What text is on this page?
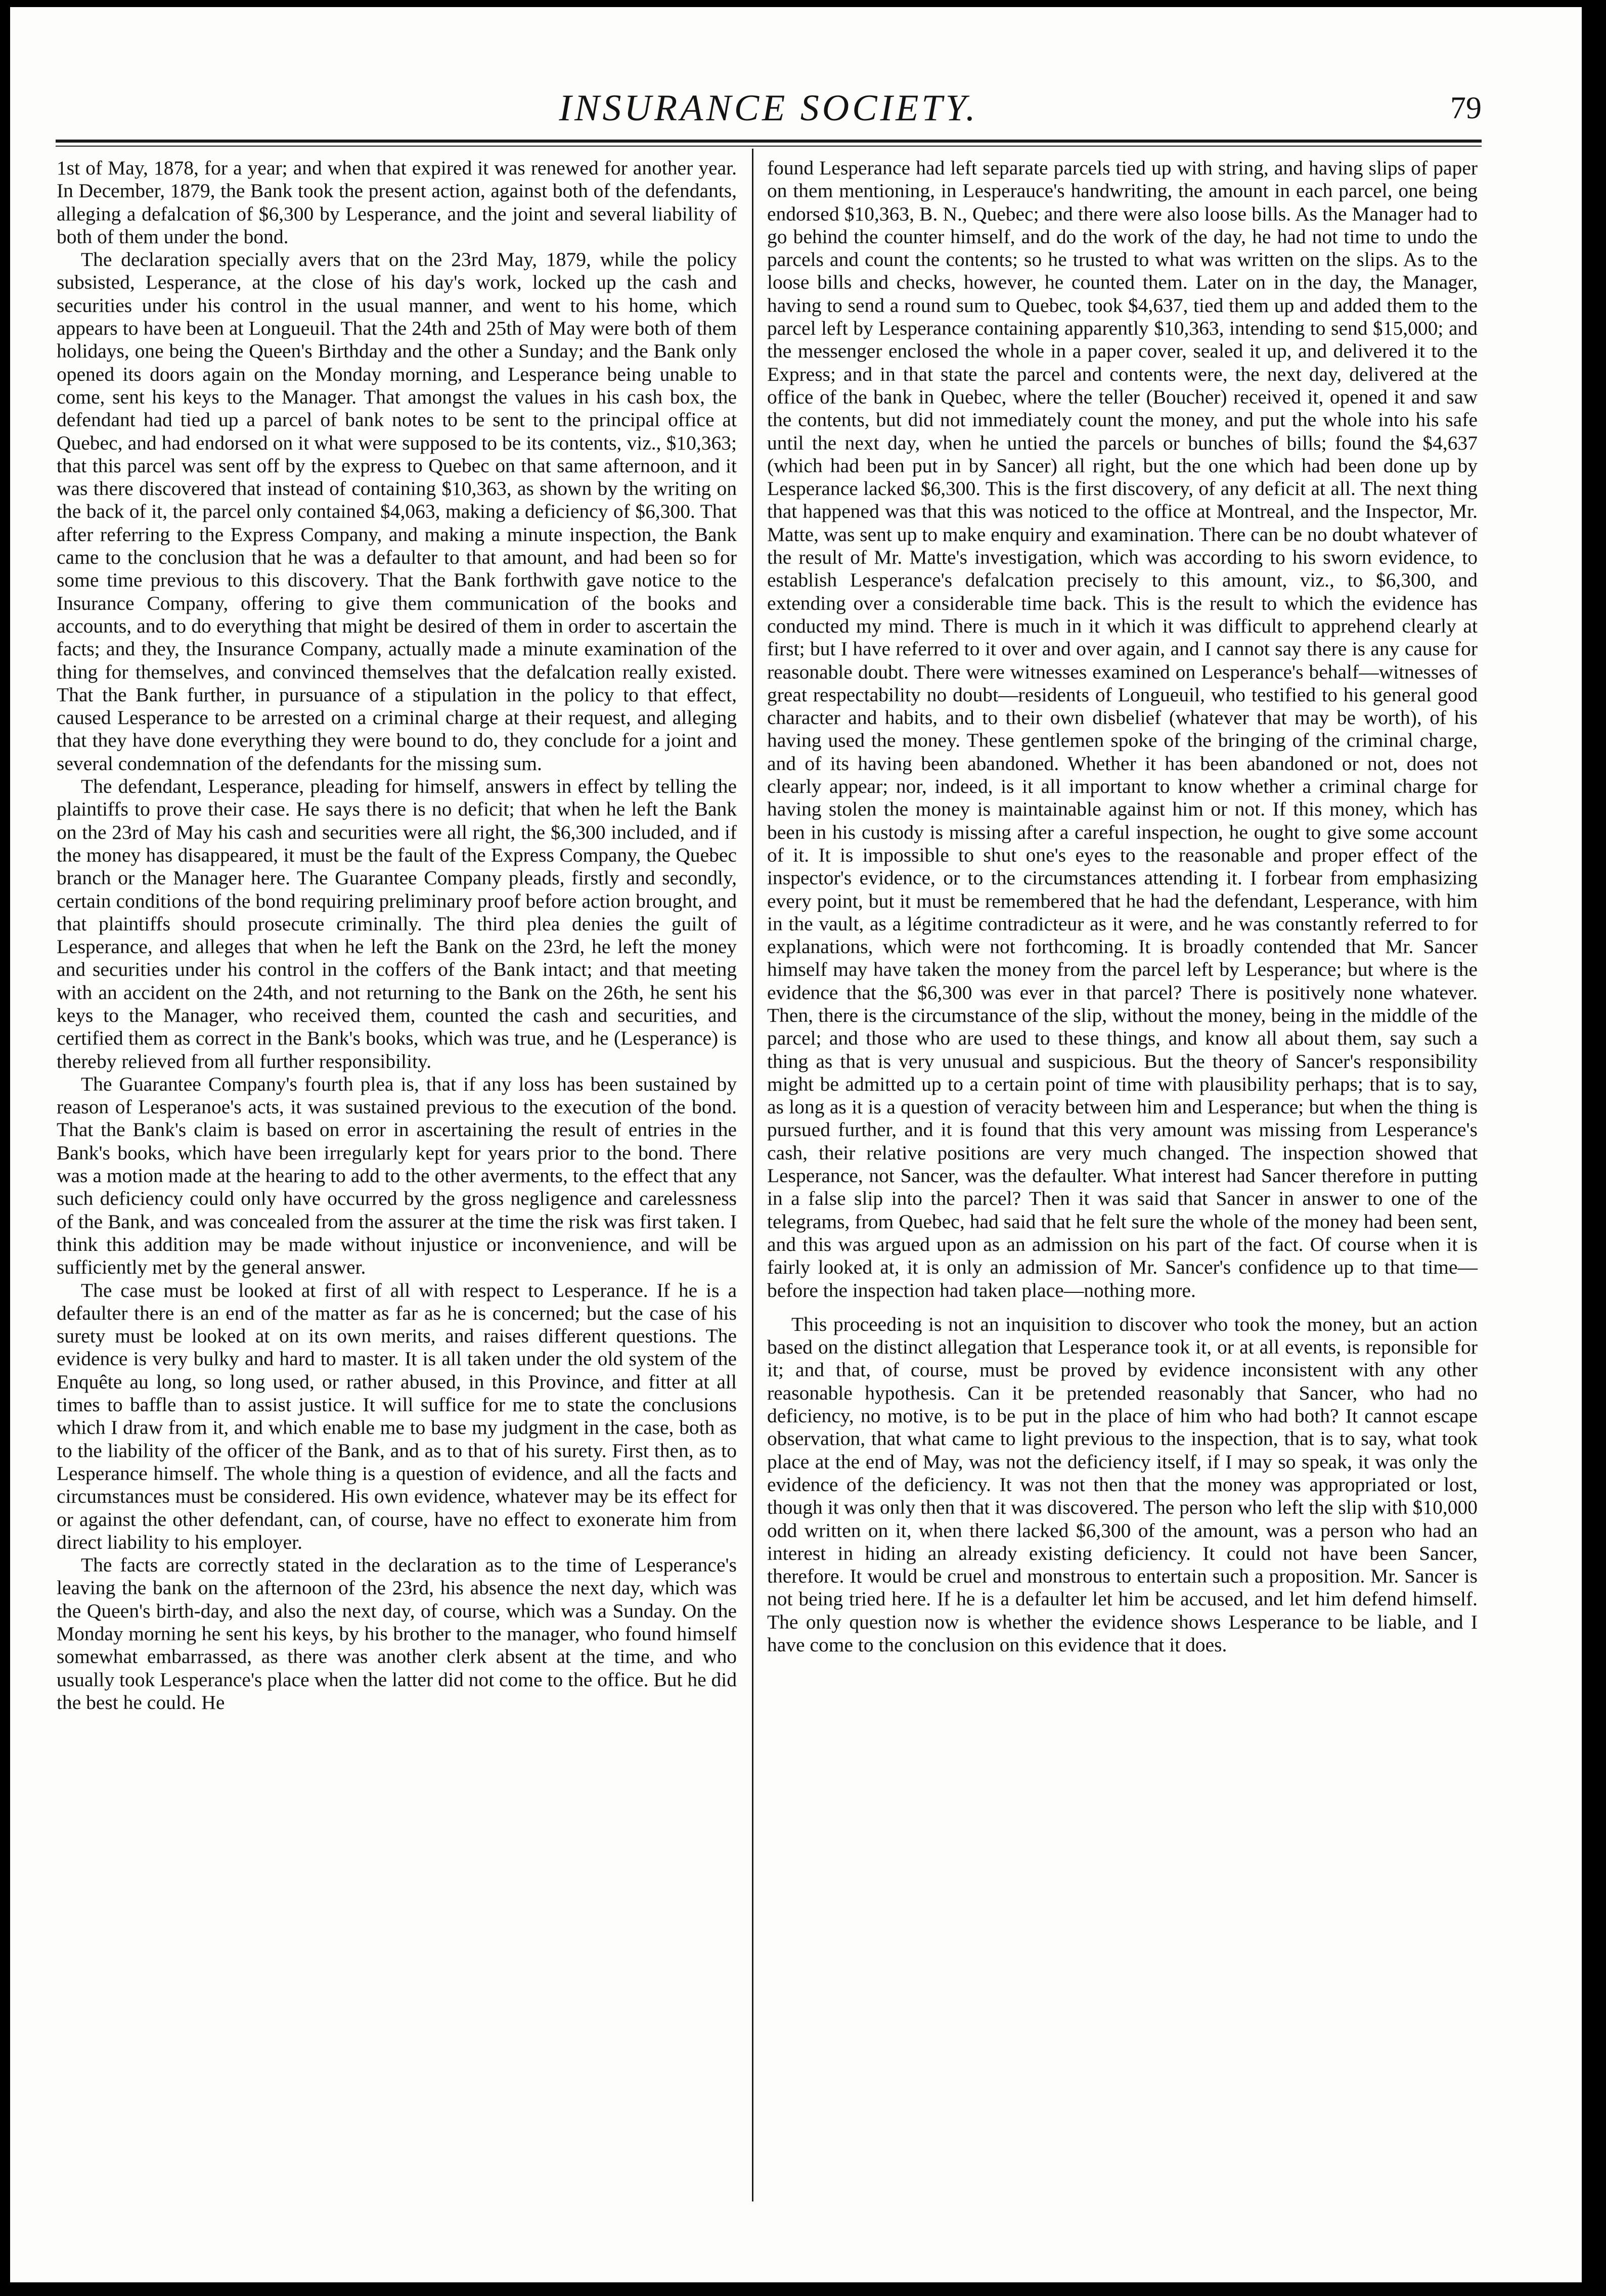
INSURANCE SOCIETY.	79

1st of May, 1878, for a year; and when that expired it was renewed for another year. In December, 1879, the Bank took the present action, against both of the defendants, alleging a defalcation of $6,300 by Lesperance, and the joint and several liability of both of them under the bond.

The declaration specially avers that on the 23rd May, 1879, while the policy subsisted, Lesperance, at the close of his day's work, locked up the cash and securities under his control in the usual manner, and went to his home, which appears to have been at Longueuil. That the 24th and 25th of May were both of them holidays, one being the Queen's Birthday and the other a Sunday; and the Bank only opened its doors again on the Monday morning, and Lesperance being unable to come, sent his keys to the Manager. That amongst the values in his cash box, the defendant had tied up a parcel of bank notes to be sent to the principal office at Quebec, and had endorsed on it what were supposed to be its contents, viz., $10,363; that this parcel was sent off by the express to Quebec on that same afternoon, and it was there discovered that instead of containing $10,363, as shown by the writing on the back of it, the parcel only contained $4,063, making a deficiency of $6,300. That after referring to the Express Company, and making a minute inspection, the Bank came to the conclusion that he was a defaulter to that amount, and had been so for some time previous to this discovery. That the Bank forthwith gave notice to the Insurance Company, offering to give them communication of the books and accounts, and to do everything that might be desired of them in order to ascertain the facts; and they, the Insurance Company, actually made a minute examination of the thing for themselves, and convinced themselves that the defalcation really existed. That the Bank further, in pursuance of a stipulation in the policy to that effect, caused Lesperance to be arrested on a criminal charge at their request, and alleging that they have done everything they were bound to do, they conclude for a joint and several condemnation of the defendants for the missing sum.

The defendant, Lesperance, pleading for himself, answers in effect by telling the plaintiffs to prove their case. He says there is no deficit; that when he left the Bank on the 23rd of May his cash and securities were all right, the $6,300 included, and if the money has disappeared, it must be the fault of the Express Company, the Quebec branch or the Manager here. The Guarantee Company pleads, firstly and secondly, certain conditions of the bond requiring preliminary proof before action brought, and that plaintiffs should prosecute criminally. The third plea denies the guilt of Lesperance, and alleges that when he left the Bank on the 23rd, he left the money and securities under his control in the coffers of the Bank intact; and that meeting with an accident on the 24th, and not returning to the Bank on the 26th, he sent his keys to the Manager, who received them, counted the cash and securities, and certified them as correct in the Bank's books, which was true, and he (Lesperance) is thereby relieved from all further responsibility.

The Guarantee Company's fourth plea is, that if any loss has been sustained by reason of Lesperanoe's acts, it was sustained previous to the execution of the bond. That the Bank's claim is based on error in ascertaining the result of entries in the Bank's books, which have been irregularly kept for years prior to the bond. There was a motion made at the hearing to add to the other averments, to the effect that any such deficiency could only have occurred by the gross negligence and carelessness of the Bank, and was concealed from the assurer at the time the risk was first taken. I think this addition may be made without injustice or inconvenience, and will be sufficiently met by the general answer.

The case must be looked at first of all with respect to Lesperance. If he is a defaulter there is an end of the matter as far as he is concerned; but the case of his surety must be looked at on its own merits, and raises different questions. The evidence is very bulky and hard to master. It is all taken under the old system of the Enquête au long, so long used, or rather abused, in this Province, and fitter at all times to baffle than to assist justice. It will suffice for me to state the conclusions which I draw from it, and which enable me to base my judgment in the case, both as to the liability of the officer of the Bank, and as to that of his surety. First then, as to Lesperance himself. The whole thing is a question of evidence, and all the facts and circumstances must be considered. His own evidence, whatever may be its effect for or against the other defendant, can, of course, have no effect to exonerate him from direct liability to his employer.

The facts are correctly stated in the declaration as to the time of Lesperance's leaving the bank on the afternoon of the 23rd, his absence the next day, which was the Queen's birth-day, and also the next day, of course, which was a Sunday. On the Monday morning he sent his keys, by his brother to the manager, who found himself somewhat embarrassed, as there was another clerk absent at the time, and who usually took Lesperance's place when the latter did not come to the office. But he did the best he could. He

found Lesperance had left separate parcels tied up with string, and having slips of paper on them mentioning, in Lesperauce's handwriting, the amount in each parcel, one being endorsed $10,363, B. N., Quebec; and there were also loose bills. As the Manager had to go behind the counter himself, and do the work of the day, he had not time to undo the parcels and count the contents; so he trusted to what was written on the slips. As to the loose bills and checks, however, he counted them. Later on in the day, the Manager, having to send a round sum to Quebec, took $4,637, tied them up and added them to the parcel left by Lesperance containing apparently $10,363, intending to send $15,000; and the messenger enclosed the whole in a paper cover, sealed it up, and delivered it to the Express; and in that state the parcel and contents were, the next day, delivered at the office of the bank in Quebec, where the teller (Boucher) received it, opened it and saw the contents, but did not immediately count the money, and put the whole into his safe until the next day, when he untied the parcels or bunches of bills; found the $4,637 (which had been put in by Sancer) all right, but the one which had been done up by Lesperance lacked $6,300. This is the first discovery, of any deficit at all. The next thing that happened was that this was noticed to the office at Montreal, and the Inspector, Mr. Matte, was sent up to make enquiry and examination. There can be no doubt whatever of the result of Mr. Matte's investigation, which was according to his sworn evidence, to establish Lesperance's defalcation precisely to this amount, viz., to $6,300, and extending over a considerable time back. This is the result to which the evidence has conducted my mind. There is much in it which it was difficult to apprehend clearly at first; but I have referred to it over and over again, and I cannot say there is any cause for reasonable doubt. There were witnesses examined on Lesperance's behalf—witnesses of great respectability no doubt—residents of Longueuil, who testified to his general good character and habits, and to their own disbelief (whatever that may be worth), of his having used the money. These gentlemen spoke of the bringing of the criminal charge, and of its having been abandoned. Whether it has been abandoned or not, does not clearly appear; nor, indeed, is it all important to know whether a criminal charge for having stolen the money is maintainable against him or not. If this money, which has been in his custody is missing after a careful inspection, he ought to give some account of it. It is impossible to shut one's eyes to the reasonable and proper effect of the inspector's evidence, or to the circumstances attending it. I forbear from emphasizing every point, but it must be remembered that he had the defendant, Lesperance, with him in the vault, as a légitime contradicteur as it were, and he was constantly referred to for explanations, which were not forthcoming. It is broadly contended that Mr. Sancer himself may have taken the money from the parcel left by Lesperance; but where is the evidence that the $6,300 was ever in that parcel? There is positively none whatever. Then, there is the circumstance of the slip, without the money, being in the middle of the parcel; and those who are used to these things, and know all about them, say such a thing as that is very unusual and suspicious. But the theory of Sancer's responsibility might be admitted up to a certain point of time with plausibility perhaps; that is to say, as long as it is a question of veracity between him and Lesperance; but when the thing is pursued further, and it is found that this very amount was missing from Lesperance's cash, their relative positions are very much changed. The inspection showed that Lesperance, not Sancer, was the defaulter. What interest had Sancer therefore in putting in a false slip into the parcel? Then it was said that Sancer in answer to one of the telegrams, from Quebec, had said that he felt sure the whole of the money had been sent, and this was argued upon as an admission on his part of the fact. Of course when it is fairly looked at, it is only an admission of Mr. Sancer's confidence up to that time—before the inspection had taken place—nothing more.

This proceeding is not an inquisition to discover who took the money, but an action based on the distinct allegation that Lesperance took it, or at all events, is reponsible for it; and that, of course, must be proved by evidence inconsistent with any other reasonable hypothesis. Can it be pretended reasonably that Sancer, who had no deficiency, no motive, is to be put in the place of him who had both? It cannot escape observation, that what came to light previous to the inspection, that is to say, what took place at the end of May, was not the deficiency itself, if I may so speak, it was only the evidence of the deficiency. It was not then that the money was appropriated or lost, though it was only then that it was discovered. The person who left the slip with $10,000 odd written on it, when there lacked $6,300 of the amount, was a person who had an interest in hiding an already existing deficiency. It could not have been Sancer, therefore. It would be cruel and monstrous to entertain such a proposition. Mr. Sancer is not being tried here. If he is a defaulter let him be accused, and let him defend himself. The only question now is whether the evidence shows Lesperance to be liable, and I have come to the conclusion on this evidence that it does.
